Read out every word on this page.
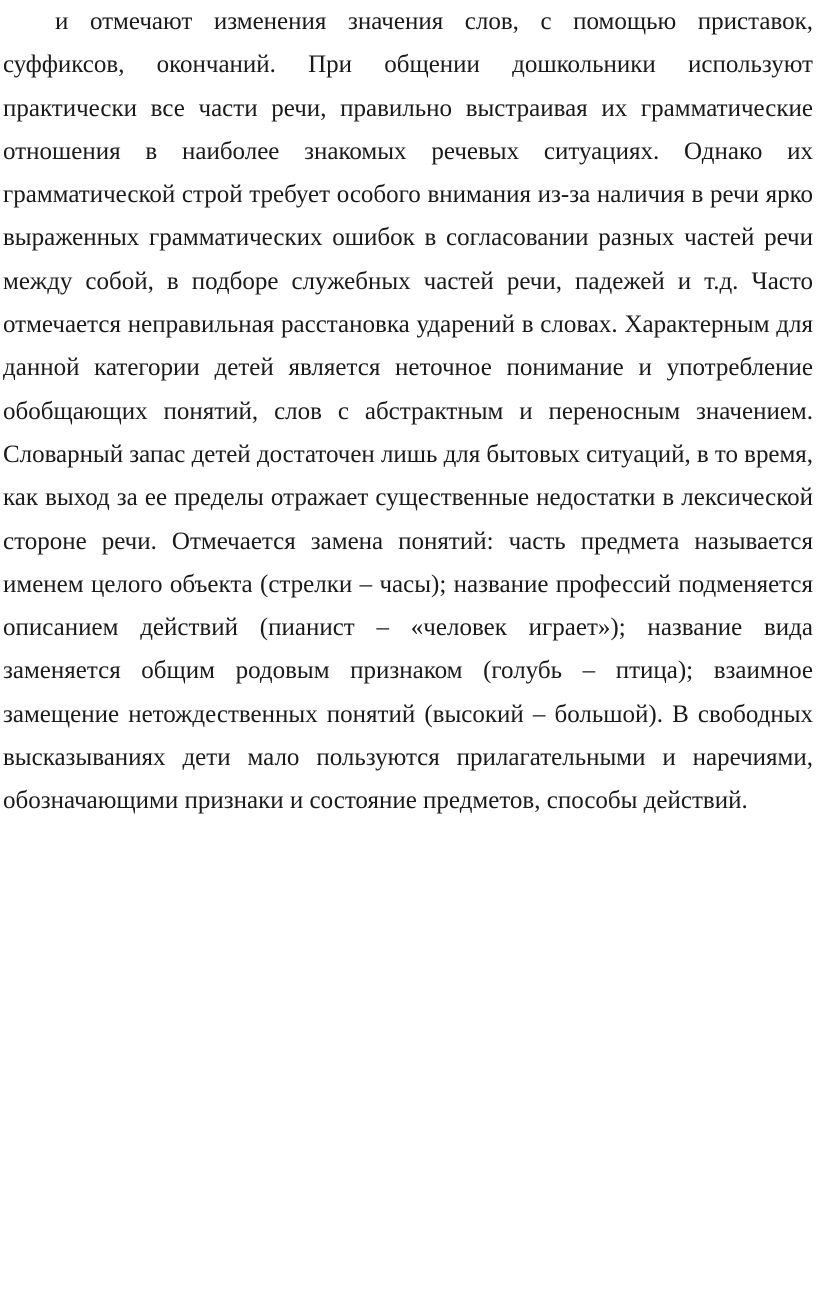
и отмечают изменения значения слов, с помощью приставок,
суффиксов, окончаний. При общении дошкольники используют
практически все части речи, правильно выстраивая их грамматические
отношения в наиболее знакомых речевых ситуациях. Однако их
грамматической строй требует особого внимания из-за наличия в речи ярко
выраженных грамматических ошибок в согласовании разных частей речи
между собой, в подборе служебных частей речи, падежей и т.д. Часто
отмечается неправильная расстановка ударений в словах. Характерным для
данной категории детей является неточное понимание и употребление
обобщающих понятий, слов с абстрактным и переносным значением.
Словарный запас детей достаточен лишь для бытовых ситуаций, в то время,
как выход за ее пределы отражает существенные недостатки в лексической
стороне речи. Отмечается замена понятий: часть предмета называется
именем целого объекта (стрелки – часы); название профессий подменяется
описанием действий (пианист – «человек играет»); название вида
заменяется общим родовым признаком (голубь – птица); взаимное
замещение нетождественных понятий (высокий – большой). В свободных
высказываниях дети мало пользуются прилагательными и наречиями,
обозначающими признаки и состояние предметов, способы действий.
